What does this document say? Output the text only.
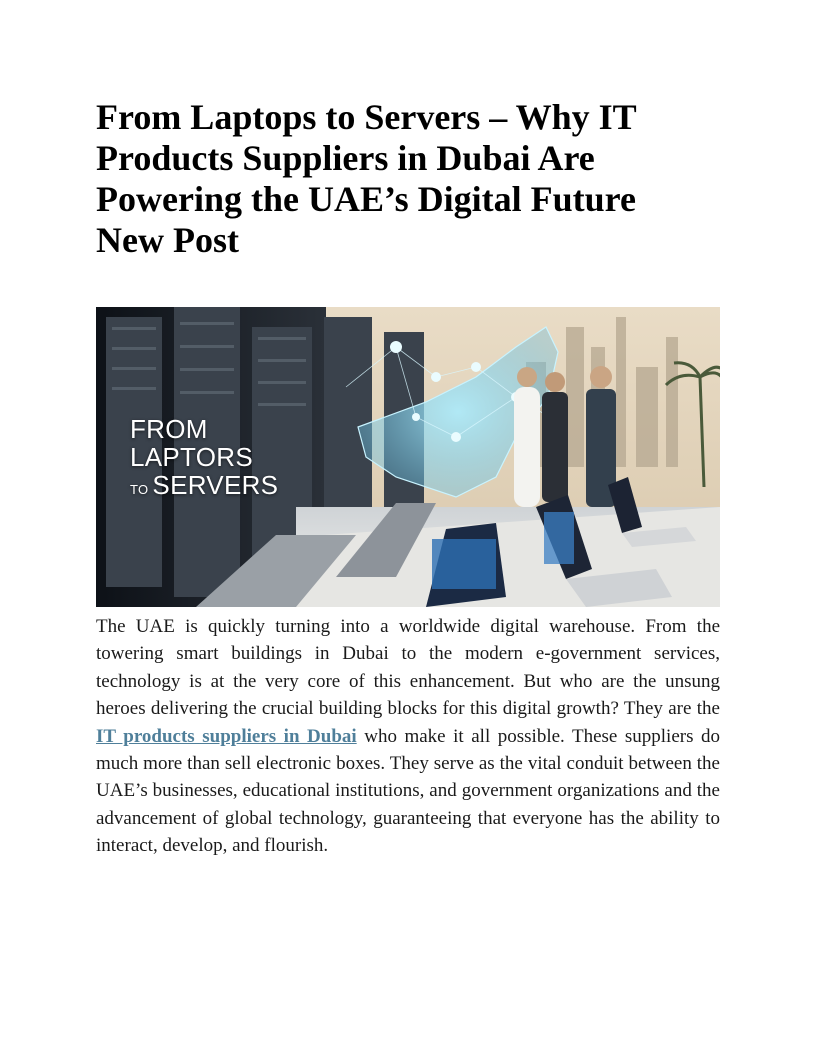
From Laptops to Servers – Why IT
Products Suppliers in Dubai Are
Powering the UAE’s Digital Future
New Post
FROM
LAPTORS
TO SERVERS

The UAE is quickly turning into a worldwide digital warehouse. From the towering smart buildings in Dubai to the modern e-government services, technology is at the very core of this enhancement. But who are the unsung heroes delivering the crucial building blocks for this digital growth? They are the IT products suppliers in Dubai who make it all possible. These suppliers do much more than sell electronic boxes. They serve as the vital conduit between the UAE’s businesses, educational institutions, and government organizations and the advancement of global technology, guaranteeing that everyone has the ability to interact, develop, and flourish.
